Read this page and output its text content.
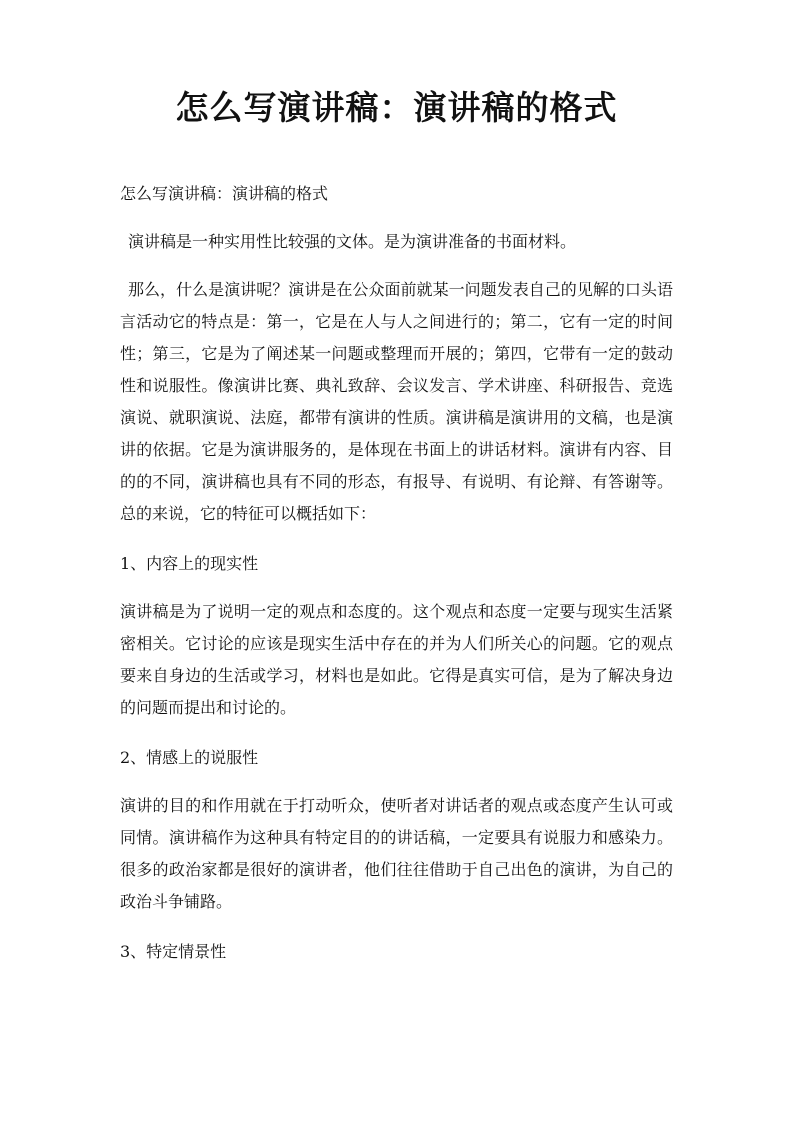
怎么写演讲稿：演讲稿的格式

怎么写演讲稿：演讲稿的格式

演讲稿是一种实用性比较强的文体。是为演讲准备的书面材料。

那么，什么是演讲呢？演讲是在公众面前就某一问题发表自己的见解的口头语言活动它的特点是：第一，它是在人与人之间进行的；第二，它有一定的时间性；第三，它是为了阐述某一问题或整理而开展的；第四，它带有一定的鼓动性和说服性。像演讲比赛、典礼致辞、会议发言、学术讲座、科研报告、竞选演说、就职演说、法庭，都带有演讲的性质。演讲稿是演讲用的文稿，也是演讲的依据。它是为演讲服务的，是体现在书面上的讲话材料。演讲有内容、目的的不同，演讲稿也具有不同的形态，有报导、有说明、有论辩、有答谢等。总的来说，它的特征可以概括如下：

1、内容上的现实性

演讲稿是为了说明一定的观点和态度的。这个观点和态度一定要与现实生活紧密相关。它讨论的应该是现实生活中存在的并为人们所关心的问题。它的观点要来自身边的生活或学习，材料也是如此。它得是真实可信，是为了解决身边的问题而提出和讨论的。

2、情感上的说服性

演讲的目的和作用就在于打动听众，使听者对讲话者的观点或态度产生认可或同情。演讲稿作为这种具有特定目的的讲话稿，一定要具有说服力和感染力。很多的政治家都是很好的演讲者，他们往往借助于自己出色的演讲，为自己的政治斗争铺路。

3、特定情景性
